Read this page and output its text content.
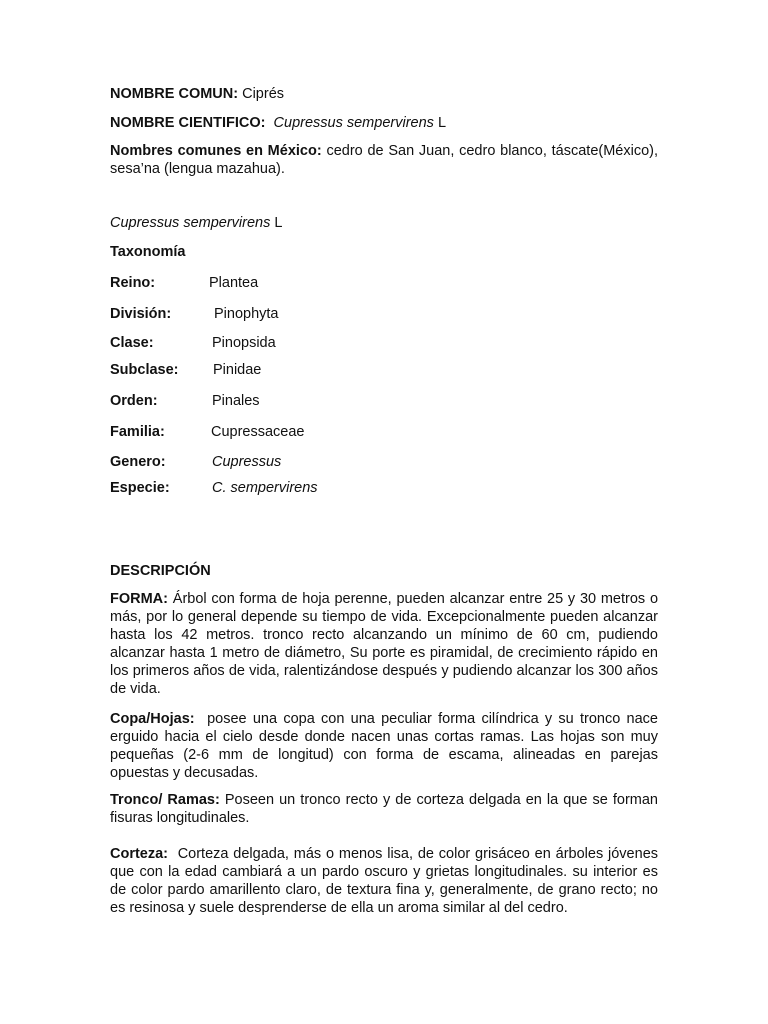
NOMBRE COMUN: Ciprés

NOMBRE CIENTIFICO: Cupressus sempervirens L

Nombres comunes en México: cedro de San Juan, cedro blanco, táscate(México), sesa’na (lengua mazahua).

Cupressus sempervirens L

Taxonomía

Reino:	Plantea
División:	Pinophyta
Clase:	Pinopsida
Subclase: Pinidae
Orden:	Pinales
Familia:	Cupressaceae
Genero:	Cupressus
Especie:	C. sempervirens

DESCRIPCIÓN

FORMA: Árbol con forma de hoja perenne, pueden alcanzar entre 25 y 30 metros o más, por lo general depende su tiempo de vida. Excepcionalmente pueden alcanzar hasta los 42 metros. tronco recto alcanzando un mínimo de 60 cm, pudiendo alcanzar hasta 1 metro de diámetro, Su porte es piramidal, de crecimiento rápido en los primeros años de vida, ralentizándose después y pudiendo alcanzar los 300 años de vida.

Copa/Hojas: posee una copa con una peculiar forma cilíndrica y su tronco nace erguido hacia el cielo desde donde nacen unas cortas ramas. Las hojas son muy pequeñas (2-6 mm de longitud) con forma de escama, alineadas en parejas opuestas y decusadas.

Tronco/ Ramas: Poseen un tronco recto y de corteza delgada en la que se forman fisuras longitudinales.

Corteza: Corteza delgada, más o menos lisa, de color grisáceo en árboles jóvenes que con la edad cambiará a un pardo oscuro y grietas longitudinales. su interior es de color pardo amarillento claro, de textura fina y, generalmente, de grano recto; no es resinosa y suele desprenderse de ella un aroma similar al del cedro.
